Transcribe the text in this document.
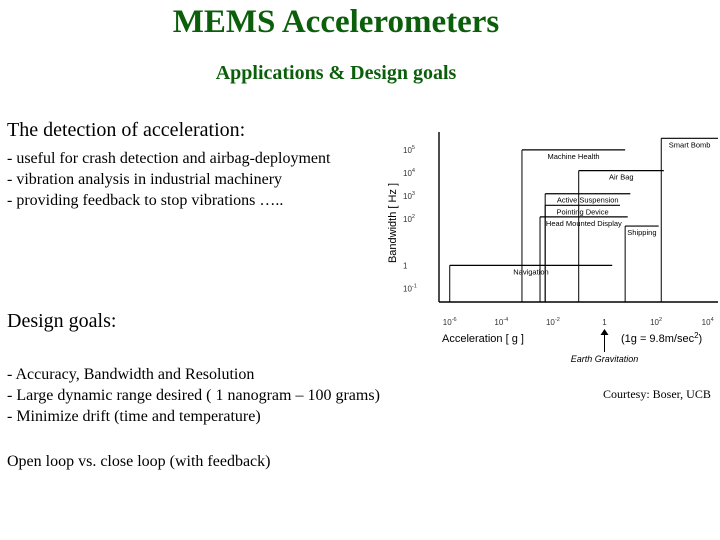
MEMS Accelerometers
Applications & Design goals
The detection of acceleration:
- useful for crash detection and airbag-deployment
- vibration analysis in industrial machinery
- providing feedback to stop vibrations …..
Design goals:
- Accuracy, Bandwidth and Resolution
- Large dynamic range desired ( 1 nanogram – 100 grams)
- Minimize drift (time and temperature)
Open loop vs. close loop (with feedback)
$10^5$
$10^4$
$10^3$
$10^2$
1
$10^{-1}$
$10^{-6}$	$10^{-4}$	$10^{-2}$	1	$10^2$	$10^4$
Bandwidth [ Hz ]
Acceleration [ g ]	$(1g = 9.8m/\sec^2)$
Earth Gravitation
Smart Bomb
Machine Health
Air Bag
Active Suspension
Pointing Device
Head Mounted Display
Shipping
Navigation
Courtesy: Boser, UCB
